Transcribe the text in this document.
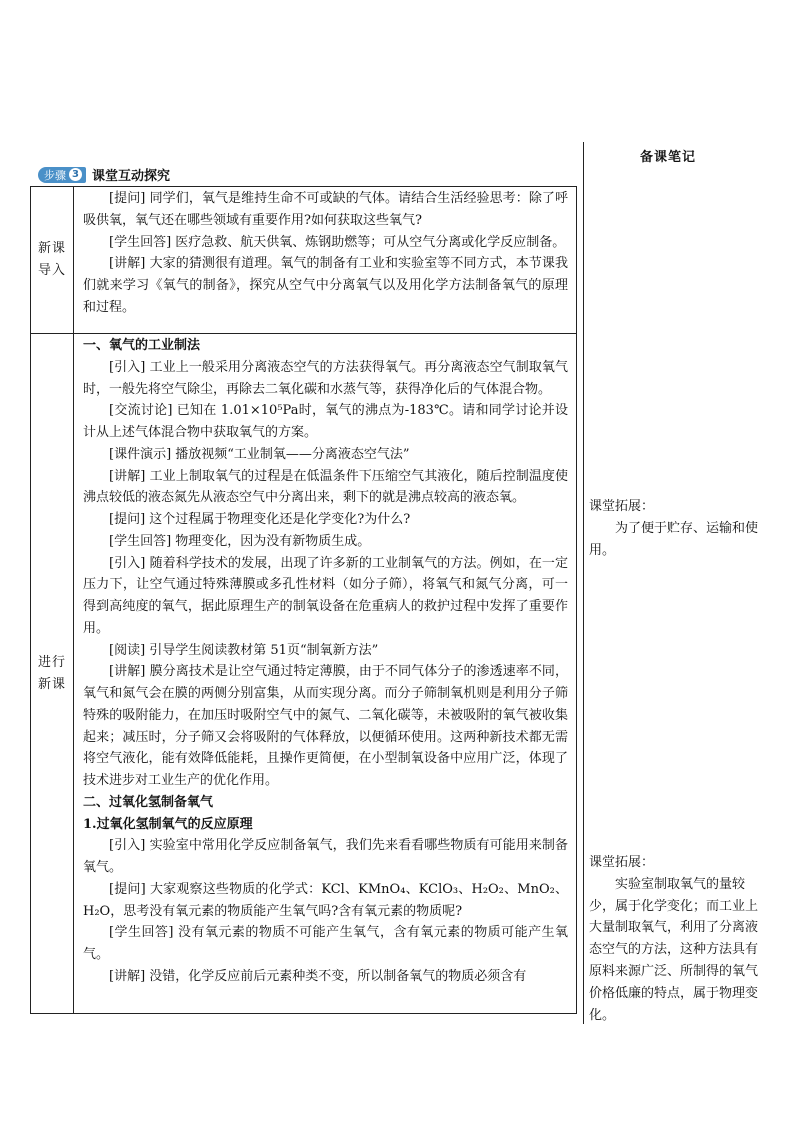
备课笔记
课堂拓展：
为了便于贮存、运输和使用。
课堂拓展：
实验室制取氧气的量较少，属于化学变化；而工业上大量制取氧气，利用了分离液态空气的方法，这种方法具有原料来源广泛、所制得的氧气价格低廉的特点，属于物理变化。
步骤 3 课堂互动探究
新课
导入

[提问] 同学们，氧气是维持生命不可或缺的气体。请结合生活经验思考：除了呼吸供氧，氧气还在哪些领域有重要作用?如何获取这些氧气?

[学生回答] 医疗急救、航天供氧、炼钢助燃等；可从空气分离或化学反应制备。

[讲解] 大家的猜测很有道理。氧气的制备有工业和实验室等不同方式，本节课我们就来学习《氧气的制备》，探究从空气中分离氧气以及用化学方法制备氧气的原理和过程。

进行
新课

一、氧气的工业制法

[引入] 工业上一般采用分离液态空气的方法获得氧气。再分离液态空气制取氧气时，一般先将空气除尘，再除去二氧化碳和水蒸气等，获得净化后的气体混合物。

[交流讨论] 已知在 1.01×10⁵Pa时，氧气的沸点为-183℃。请和同学讨论并设计从上述气体混合物中获取氧气的方案。

[课件演示] 播放视频“工业制氧——分离液态空气法”

[讲解] 工业上制取氧气的过程是在低温条件下压缩空气其液化，随后控制温度使沸点较低的液态氮先从液态空气中分离出来，剩下的就是沸点较高的液态氧。

[提问] 这个过程属于物理变化还是化学变化?为什么?

[学生回答] 物理变化，因为没有新物质生成。

[引入] 随着科学技术的发展，出现了许多新的工业制氧气的方法。例如，在一定压力下，让空气通过特殊薄膜或多孔性材料（如分子筛），将氧气和氮气分离，可一得到高纯度的氧气，据此原理生产的制氧设备在危重病人的救护过程中发挥了重要作用。

[阅读] 引导学生阅读教材第 51页“制氧新方法”

[讲解] 膜分离技术是让空气通过特定薄膜，由于不同气体分子的渗透速率不同，氧气和氮气会在膜的两侧分别富集，从而实现分离。而分子筛制氧机则是利用分子筛特殊的吸附能力，在加压时吸附空气中的氮气、二氧化碳等，未被吸附的氧气被收集起来；减压时，分子筛又会将吸附的气体释放，以便循环使用。这两种新技术都无需将空气液化，能有效降低能耗，且操作更简便，在小型制氧设备中应用广泛，体现了技术进步对工业生产的优化作用。

二、过氧化氢制备氧气

1.过氧化氢制氧气的反应原理

[引入] 实验室中常用化学反应制备氧气，我们先来看看哪些物质有可能用来制备氧气。

[提问] 大家观察这些物质的化学式：KCl、KMnO₄、KClO₃、H₂O₂、MnO₂、H₂O，思考没有氧元素的物质能产生氧气吗?含有氧元素的物质呢?

[学生回答] 没有氧元素的物质不可能产生氧气，含有氧元素的物质可能产生氧气。

[讲解] 没错，化学反应前后元素种类不变，所以制备氧气的物质必须含有
